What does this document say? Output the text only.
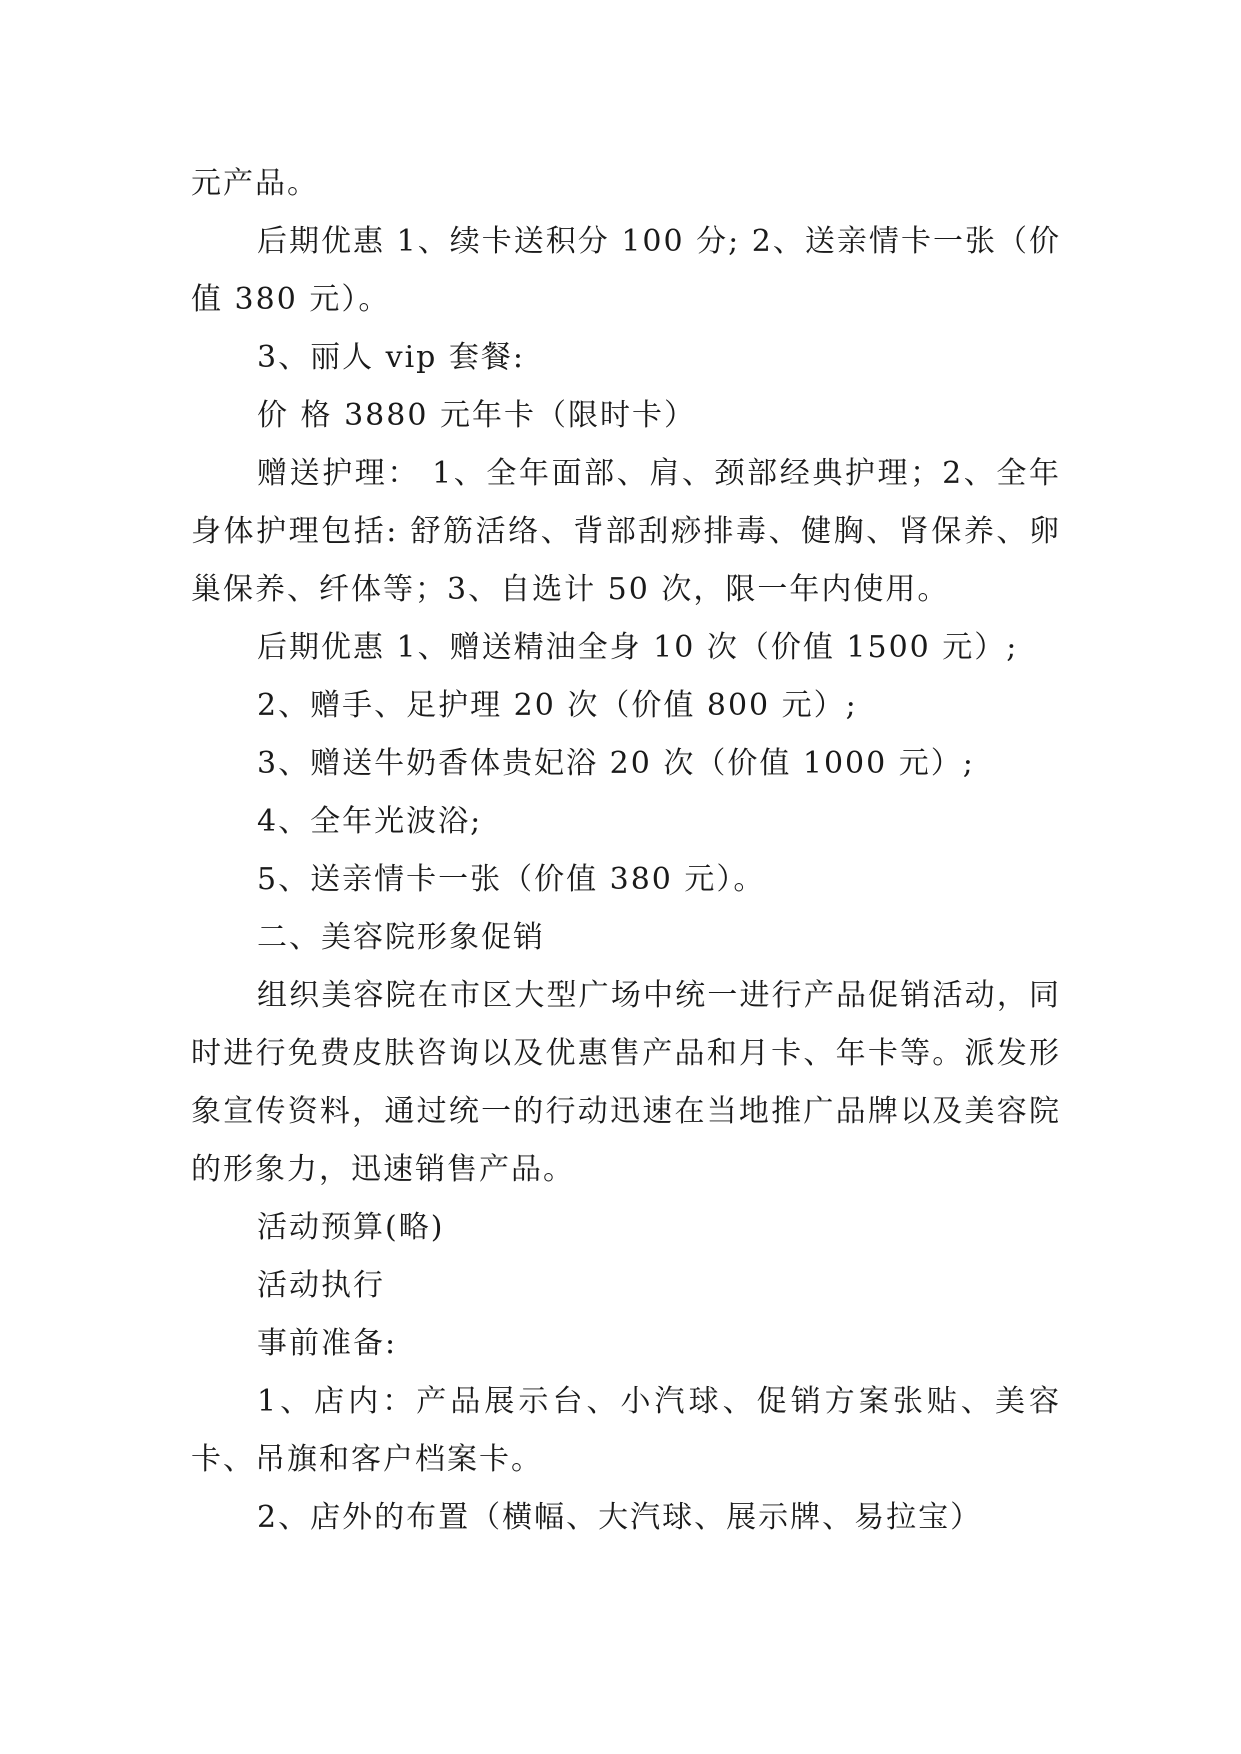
元产品。

后期优惠 1、续卡送积分 100 分; 2、送亲情卡一张（价值 380 元）。

3、丽人 vip 套餐:

价 格 3880 元年卡（限时卡）

赠送护理： 1、全年面部、肩、颈部经典护理；2、全年身体护理包括: 舒筋活络、背部刮痧排毒、健胸、肾保养、卵巢保养、纤体等；3、自选计 50 次，限一年内使用。

后期优惠 1、赠送精油全身 10 次（价值 1500 元）;

2、赠手、足护理 20 次（价值 800 元）;

3、赠送牛奶香体贵妃浴 20 次（价值 1000 元）;

4、全年光波浴;

5、送亲情卡一张（价值 380 元）。

二、美容院形象促销

组织美容院在市区大型广场中统一进行产品促销活动，同时进行免费皮肤咨询以及优惠售产品和月卡、年卡等。派发形象宣传资料，通过统一的行动迅速在当地推广品牌以及美容院的形象力，迅速销售产品。

活动预算(略)

活动执行

事前准备:

1、店内：产品展示台、小汽球、促销方案张贴、美容卡、吊旗和客户档案卡。

2、店外的布置（横幅、大汽球、展示牌、易拉宝）
